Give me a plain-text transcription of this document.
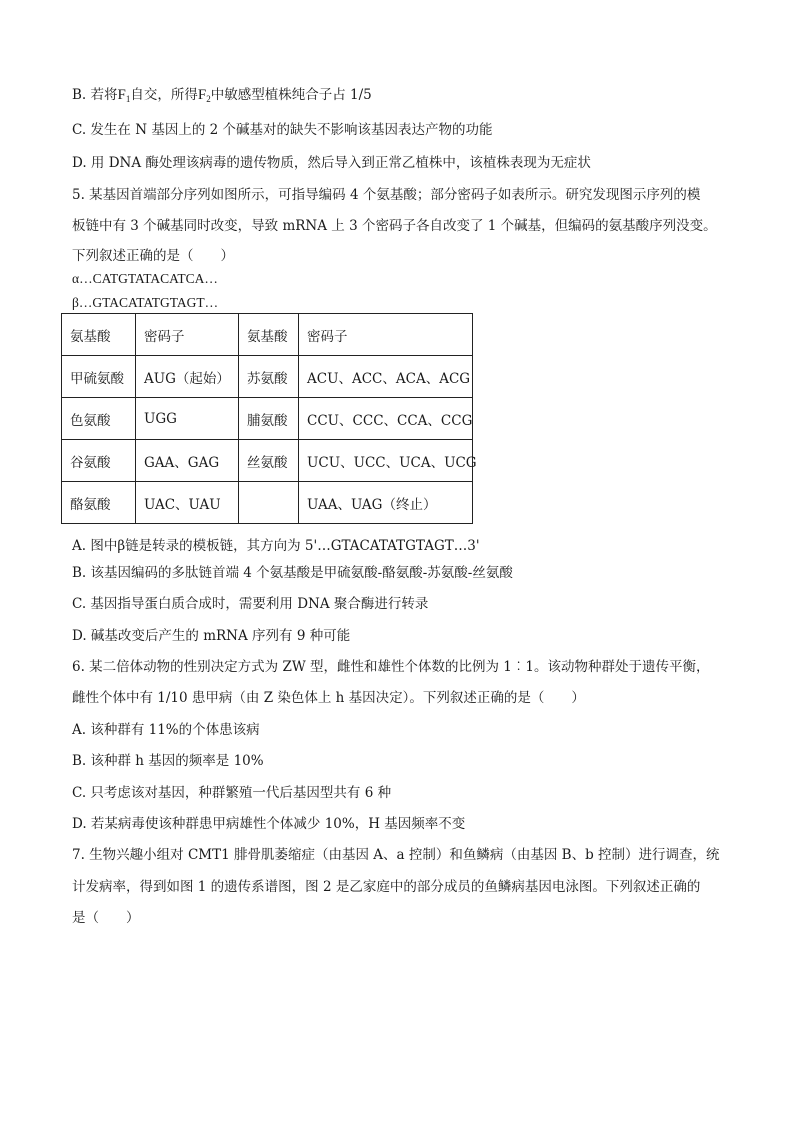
B. 若将$F_1$自交，所得$F_2$中敏感型植株纯合子占 1/5
C. 发生在 N 基因上的 2 个碱基对的缺失不影响该基因表达产物的功能
D. 用 DNA 酶处理该病毒的遗传物质，然后导入到正常乙植株中，该植株表现为无症状
5. 某基因首端部分序列如图所示，可指导编码 4 个氨基酸；部分密码子如表所示。研究发现图示序列的模
板链中有 3 个碱基同时改变，导致 mRNA 上 3 个密码子各自改变了 1 个碱基，但编码的氨基酸序列没变。
下列叙述正确的是（　　）
α…CATGTATACATCA…
β…GTACATATGTAGT…
氨基酸	密码子	氨基酸	密码子
甲硫氨酸	AUG（起始）	苏氨酸	ACU、ACC、ACA、ACG
色氨酸	UGG	脯氨酸	CCU、CCC、CCA、CCG
谷氨酸	GAA、GAG	丝氨酸	UCU、UCC、UCA、UCG
酪氨酸	UAC、UAU		UAA、UAG（终止）
A. 图中β链是转录的模板链，其方向为 5'…GTACATATGTAGT…3'
B. 该基因编码的多肽链首端 4 个氨基酸是甲硫氨酸-酪氨酸-苏氨酸-丝氨酸
C. 基因指导蛋白质合成时，需要利用 DNA 聚合酶进行转录
D. 碱基改变后产生的 mRNA 序列有 9 种可能
6. 某二倍体动物的性别决定方式为 ZW 型，雌性和雄性个体数的比例为 1︰1。该动物种群处于遗传平衡，
雌性个体中有 1/10 患甲病（由 Z 染色体上 h 基因决定）。下列叙述正确的是（　　）
A. 该种群有 11%的个体患该病
B. 该种群 h 基因的频率是 10%
C. 只考虑该对基因，种群繁殖一代后基因型共有 6 种
D. 若某病毒使该种群患甲病雄性个体减少 10%，H 基因频率不变
7. 生物兴趣小组对 CMT1 腓骨肌萎缩症（由基因 A、a 控制）和鱼鳞病（由基因 B、b 控制）进行调查，统
计发病率，得到如图 1 的遗传系谱图，图 2 是乙家庭中的部分成员的鱼鳞病基因电泳图。下列叙述正确的
是（　　）
